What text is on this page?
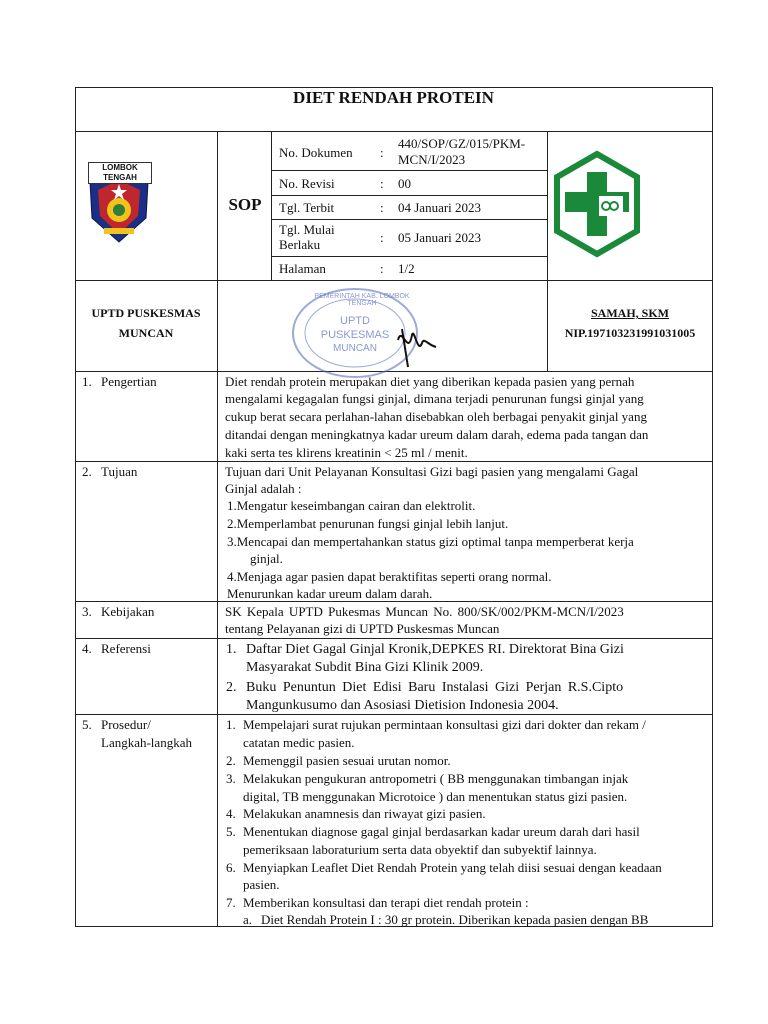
DIET RENDAH PROTEIN
LOMBOK TENGAH
SOP
No. Dokumen :
440/SOP/GZ/015/PKM-
MCN/I/2023
No. Revisi	: 00
Tgl. Terbit	: 04 Januari 2023
Tgl. Mulai
Berlaku	: 05 Januari 2023
Halaman	: 1/2
UPTD PUSKESMAS
MUNCAN
PEMERINTAH KAB. LOMBOK TENGAH
UPTD
PUSKESMAS
MUNCAN
SAMAH, SKM
NIP.197103231991031005
1. Pengertian	Diet rendah protein merupakan diet yang diberikan kepada pasien yang pernah
mengalami kegagalan fungsi ginjal, dimana terjadi penurunan fungsi ginjal yang
cukup berat secara perlahan-lahan disebabkan oleh berbagai penyakit ginjal yang
ditandai dengan meningkatnya kadar ureum dalam darah, edema pada tangan dan
kaki serta tes klirens kreatinin < 25 ml / menit.
2. Tujuan	Tujuan dari Unit Pelayanan Konsultasi Gizi bagi pasien yang mengalami Gagal
Ginjal adalah :
1.Mengatur keseimbangan cairan dan elektrolit.
2.Memperlambat penurunan fungsi ginjal lebih lanjut.
3.Mencapai dan mempertahankan status gizi optimal tanpa memperberat kerja
ginjal.
4.Menjaga agar pasien dapat beraktifitas seperti orang normal.
Menurunkan kadar ureum dalam darah.
3. Kebijakan	SK Kepala UPTD Pukesmas Muncan No. 800/SK/002/PKM-MCN/I/2023
tentang Pelayanan gizi di UPTD Puskesmas Muncan
4. Referensi	1. Daftar Diet Gagal Ginjal Kronik,DEPKES RI. Direktorat Bina Gizi
Masyarakat Subdit Bina Gizi Klinik 2009.
2. Buku Penuntun Diet Edisi Baru Instalasi Gizi Perjan R.S.Cipto
Mangunkusumo dan Asosiasi Dietision Indonesia 2004.
5. Prosedur/
Langkah-langkah
1. Mempelajari surat rujukan permintaan konsultasi gizi dari dokter dan rekam /
catatan medic pasien.
2. Memenggil pasien sesuai urutan nomor.
3. Melakukan pengukuran antropometri ( BB menggunakan timbangan injak
digital, TB menggunakan Microtoice ) dan menentukan status gizi pasien.
4. Melakukan anamnesis dan riwayat gizi pasien.
5. Menentukan diagnose gagal ginjal berdasarkan kadar ureum darah dari hasil
pemeriksaan laboraturium serta data obyektif dan subyektif lainnya.
6. Menyiapkan Leaflet Diet Rendah Protein yang telah diisi sesuai dengan keadaan
pasien.
7. Memberikan konsultasi dan terapi diet rendah protein :
a. Diet Rendah Protein I : 30 gr protein. Diberikan kepada pasien dengan BB
